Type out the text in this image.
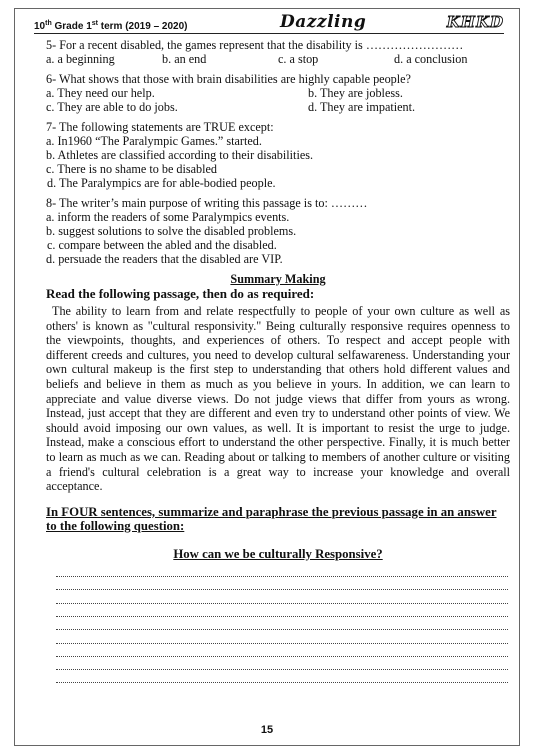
10th Grade 1st term (2019 – 2020)	Dazzling	KHKD
5- For a recent disabled, the games represent that the disability is ……………………
a. a beginning	b. an end	c. a stop	d. a conclusion
6- What shows that those with brain disabilities are highly capable people?
a. They need our help.	b. They are jobless.
c. They are able to do jobs.	d. They are impatient.
7- The following statements are TRUE except:
a. In1960 “The Paralympic Games.” started.
b. Athletes are classified according to their disabilities.
c. There is no shame to be disabled
d. The Paralympics are for able-bodied people.
8- The writer’s main purpose of writing this passage is to: ………
a. inform the readers of some Paralympics events.
b. suggest solutions to solve the disabled problems.
c. compare between the abled and the disabled.
d. persuade the readers that the disabled are VIP.
Summary Making
Read the following passage, then do as required:
The ability to learn from and relate respectfully to people of your own culture as well as others' is known as "cultural responsivity." Being culturally responsive requires openness to the viewpoints, thoughts, and experiences of others. To respect and accept people with different creeds and cultures, you need to develop cultural selfawareness. Understanding your own cultural makeup is the first step to understanding that others hold different values and beliefs and believe in them as much as you believe in yours. In addition, we can learn to appreciate and value diverse views. Do not judge views that differ from yours as wrong. Instead, just accept that they are different and even try to understand other points of view. We should avoid imposing our own values, as well. It is important to resist the urge to judge. Instead, make a conscious effort to understand the other perspective. Finally, it is much better to learn as much as we can. Reading about or talking to members of another culture or visiting a friend's cultural celebration is a great way to increase your knowledge and overall acceptance.
In FOUR sentences, summarize and paraphrase the previous passage in an answer to the following question:
How can we be culturally Responsive?
15
